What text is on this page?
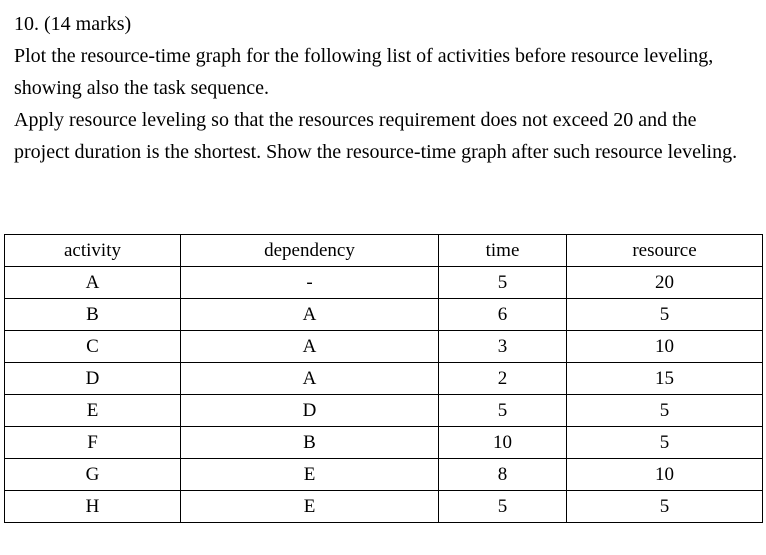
10. (14 marks)

Plot the resource-time graph for the following list of activities before resource leveling, showing also the task sequence.

Apply resource leveling so that the resources requirement does not exceed 20 and the project duration is the shortest. Show the resource-time graph after such resource leveling.

activity	dependency	time	resource
A	-	5	20
B	A	6	5
C	A	3	10
D	A	2	15
E	D	5	5
F	B	10	5
G	E	8	10
H	E	5	5
